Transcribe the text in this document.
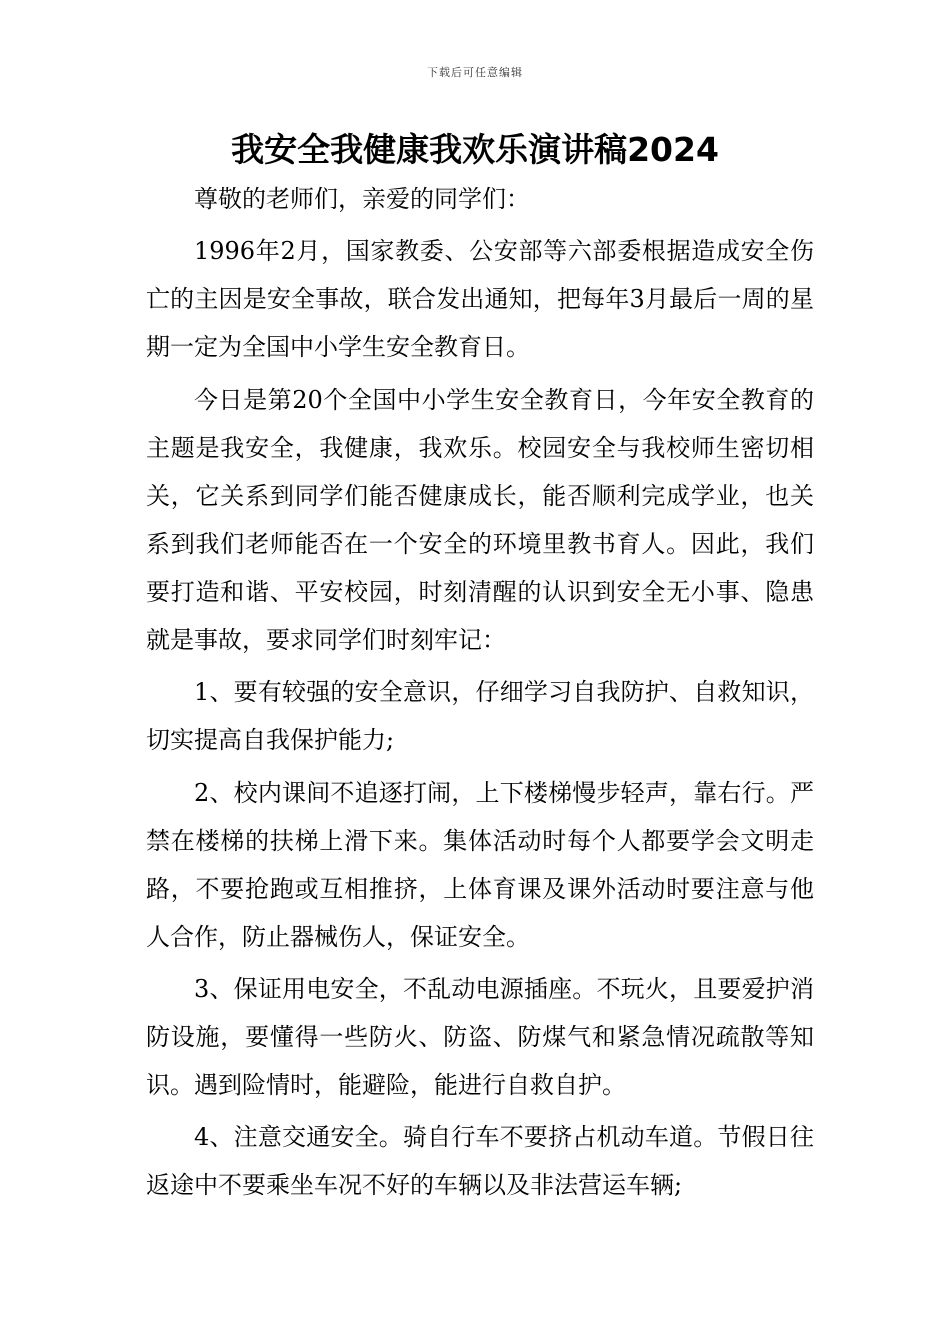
下载后可任意编辑
我安全我健康我欢乐演讲稿2024

尊敬的老师们，亲爱的同学们：

1996年2月，国家教委、公安部等六部委根据造成安全伤亡的主因是安全事故，联合发出通知，把每年3月最后一周的星期一定为全国中小学生安全教育日。

今日是第20个全国中小学生安全教育日，今年安全教育的主题是我安全，我健康，我欢乐。校园安全与我校师生密切相关，它关系到同学们能否健康成长，能否顺利完成学业，也关系到我们老师能否在一个安全的环境里教书育人。因此，我们要打造和谐、平安校园，时刻清醒的认识到安全无小事、隐患就是事故，要求同学们时刻牢记：

1、要有较强的安全意识，仔细学习自我防护、自救知识，切实提高自我保护能力;

2、校内课间不追逐打闹，上下楼梯慢步轻声，靠右行。严禁在楼梯的扶梯上滑下来。集体活动时每个人都要学会文明走路，不要抢跑或互相推挤，上体育课及课外活动时要注意与他人合作，防止器械伤人，保证安全。

3、保证用电安全，不乱动电源插座。不玩火，且要爱护消防设施，要懂得一些防火、防盗、防煤气和紧急情况疏散等知识。遇到险情时，能避险，能进行自救自护。

4、注意交通安全。骑自行车不要挤占机动车道。节假日往返途中不要乘坐车况不好的车辆以及非法营运车辆;
